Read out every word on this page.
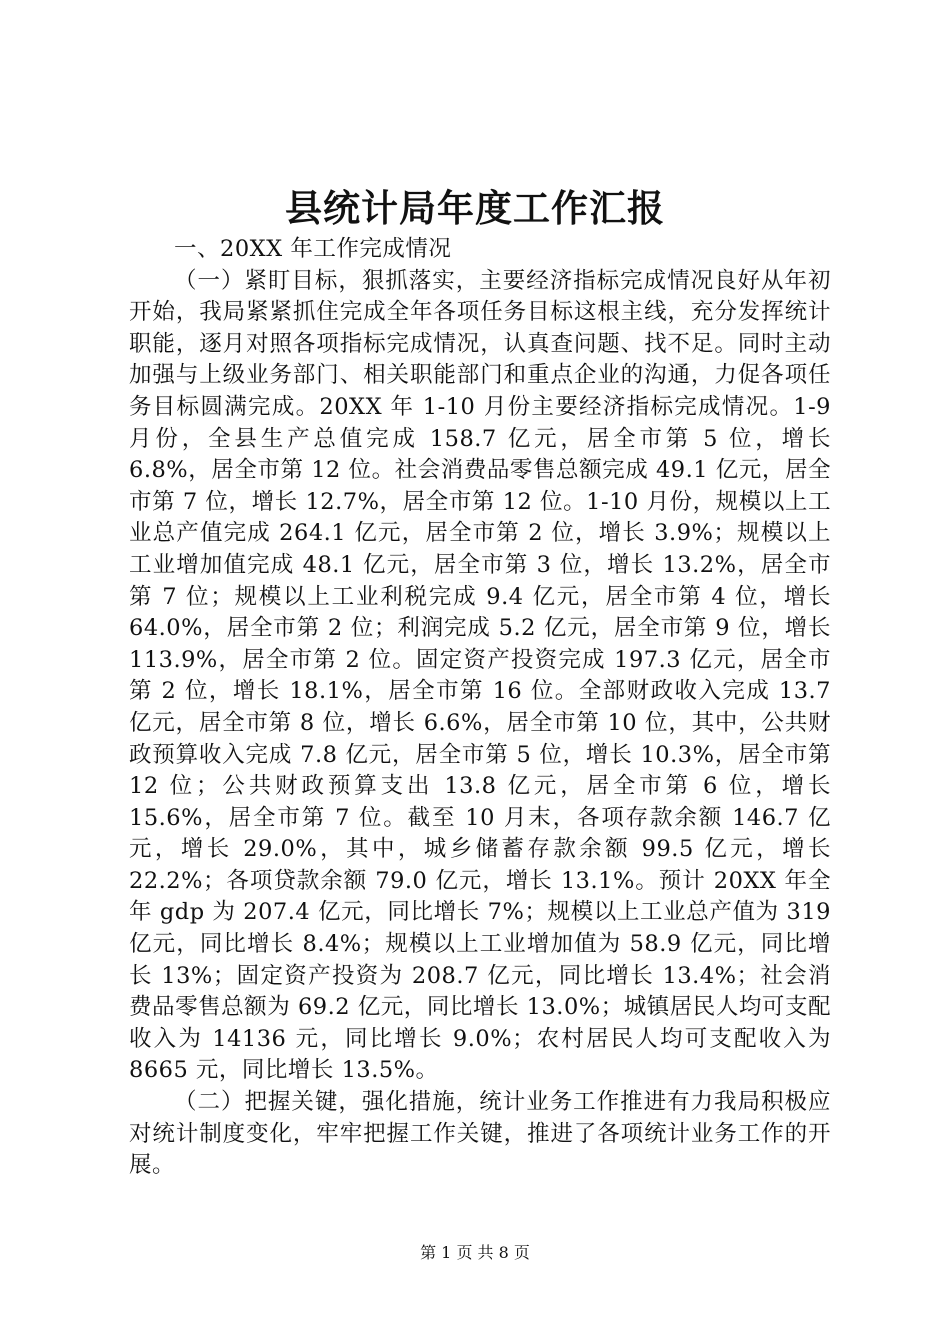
县统计局年度工作汇报

一、20XX 年工作完成情况

（一）紧盯目标，狠抓落实，主要经济指标完成情况良好从年初开始，我局紧紧抓住完成全年各项任务目标这根主线，充分发挥统计职能，逐月对照各项指标完成情况，认真查问题、找不足。同时主动加强与上级业务部门、相关职能部门和重点企业的沟通，力促各项任务目标圆满完成。20XX 年 1-10 月份主要经济指标完成情况。1-9 月份，全县生产总值完成 158.7 亿元，居全市第 5 位，增长 6.8%，居全市第 12 位。社会消费品零售总额完成 49.1 亿元，居全市第 7 位，增长 12.7%，居全市第 12 位。1-10 月份，规模以上工业总产值完成 264.1 亿元，居全市第 2 位，增长 3.9%；规模以上工业增加值完成 48.1 亿元，居全市第 3 位，增长 13.2%，居全市第 7 位；规模以上工业利税完成 9.4 亿元，居全市第 4 位，增长 64.0%，居全市第 2 位；利润完成 5.2 亿元，居全市第 9 位，增长 113.9%，居全市第 2 位。固定资产投资完成 197.3 亿元，居全市第 2 位，增长 18.1%，居全市第 16 位。全部财政收入完成 13.7 亿元，居全市第 8 位，增长 6.6%，居全市第 10 位，其中，公共财政预算收入完成 7.8 亿元，居全市第 5 位，增长 10.3%，居全市第 12 位；公共财政预算支出 13.8 亿元，居全市第 6 位，增长 15.6%，居全市第 7 位。截至 10 月末，各项存款余额 146.7 亿元，增长 29.0%，其中，城乡储蓄存款余额 99.5 亿元，增长 22.2%；各项贷款余额 79.0 亿元，增长 13.1%。预计 20XX 年全年 gdp 为 207.4 亿元，同比增长 7%；规模以上工业总产值为 319 亿元，同比增长 8.4%；规模以上工业增加值为 58.9 亿元，同比增长 13%；固定资产投资为 208.7 亿元，同比增长 13.4%；社会消费品零售总额为 69.2 亿元，同比增长 13.0%；城镇居民人均可支配收入为 14136 元，同比增长 9.0%；农村居民人均可支配收入为 8665 元，同比增长 13.5%。

（二）把握关键，强化措施，统计业务工作推进有力我局积极应对统计制度变化，牢牢把握工作关键，推进了各项统计业务工作的开展。

第 1 页 共 8 页
